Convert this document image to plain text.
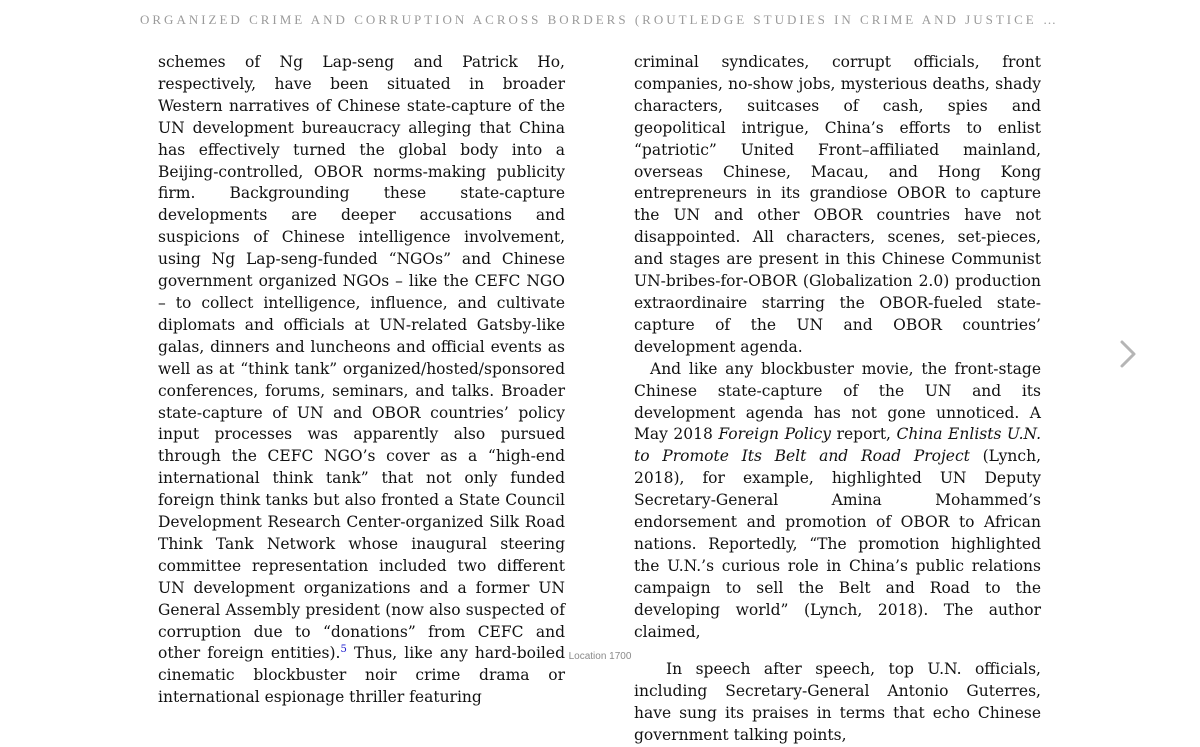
ORGANIZED CRIME AND CORRUPTION ACROSS BORDERS (ROUTLEDGE STUDIES IN CRIME AND JUSTICE …

schemes of Ng Lap-seng and Patrick Ho, respectively, have been situated in broader Western narratives of Chinese state-capture of the UN development bureaucracy alleging that China has effectively turned the global body into a Beijing-controlled, OBOR norms-making publicity firm. Backgrounding these state-capture developments are deeper accusations and suspicions of Chinese intelligence involvement, using Ng Lap-seng-funded “NGOs” and Chinese government organized NGOs – like the CEFC NGO – to collect intelligence, influence, and cultivate diplomats and officials at UN-related Gatsby-like galas, dinners and luncheons and official events as well as at “think tank” organized/hosted/sponsored conferences, forums, seminars, and talks. Broader state-capture of UN and OBOR countries’ policy input processes was apparently also pursued through the CEFC NGO’s cover as a “high-end international think tank” that not only funded foreign think tanks but also fronted a State Council Development Research Center-organized Silk Road Think Tank Network whose inaugural steering committee representation included two different UN development organizations and a former UN General Assembly president (now also suspected of corruption due to “donations” from CEFC and other foreign entities).$^5$ Thus, like any hard-boiled cinematic blockbuster noir crime drama or international espionage thriller featuring

criminal syndicates, corrupt officials, front companies, no-show jobs, mysterious deaths, shady characters, suitcases of cash, spies and geopolitical intrigue, China’s efforts to enlist “patriotic” United Front–affiliated mainland, overseas Chinese, Macau, and Hong Kong entrepreneurs in its grandiose OBOR to capture the UN and other OBOR countries have not disappointed. All characters, scenes, set-pieces, and stages are present in this Chinese Communist UN-bribes-for-OBOR (Globalization 2.0) production extraordinaire starring the OBOR-fueled state-capture of the UN and OBOR countries’ development agenda.

And like any blockbuster movie, the front-stage Chinese state-capture of the UN and its development agenda has not gone unnoticed. A May 2018 Foreign Policy report, China Enlists U.N. to Promote Its Belt and Road Project (Lynch, 2018), for example, highlighted UN Deputy Secretary-General Amina Mohammed’s endorsement and promotion of OBOR to African nations. Reportedly, “The promotion highlighted the U.N.’s curious role in China’s public relations campaign to sell the Belt and Road to the developing world” (Lynch, 2018). The author claimed,

In speech after speech, top U.N. officials, including Secretary-General Antonio Guterres, have sung its praises in terms that echo Chinese government talking points,

Location 1700
